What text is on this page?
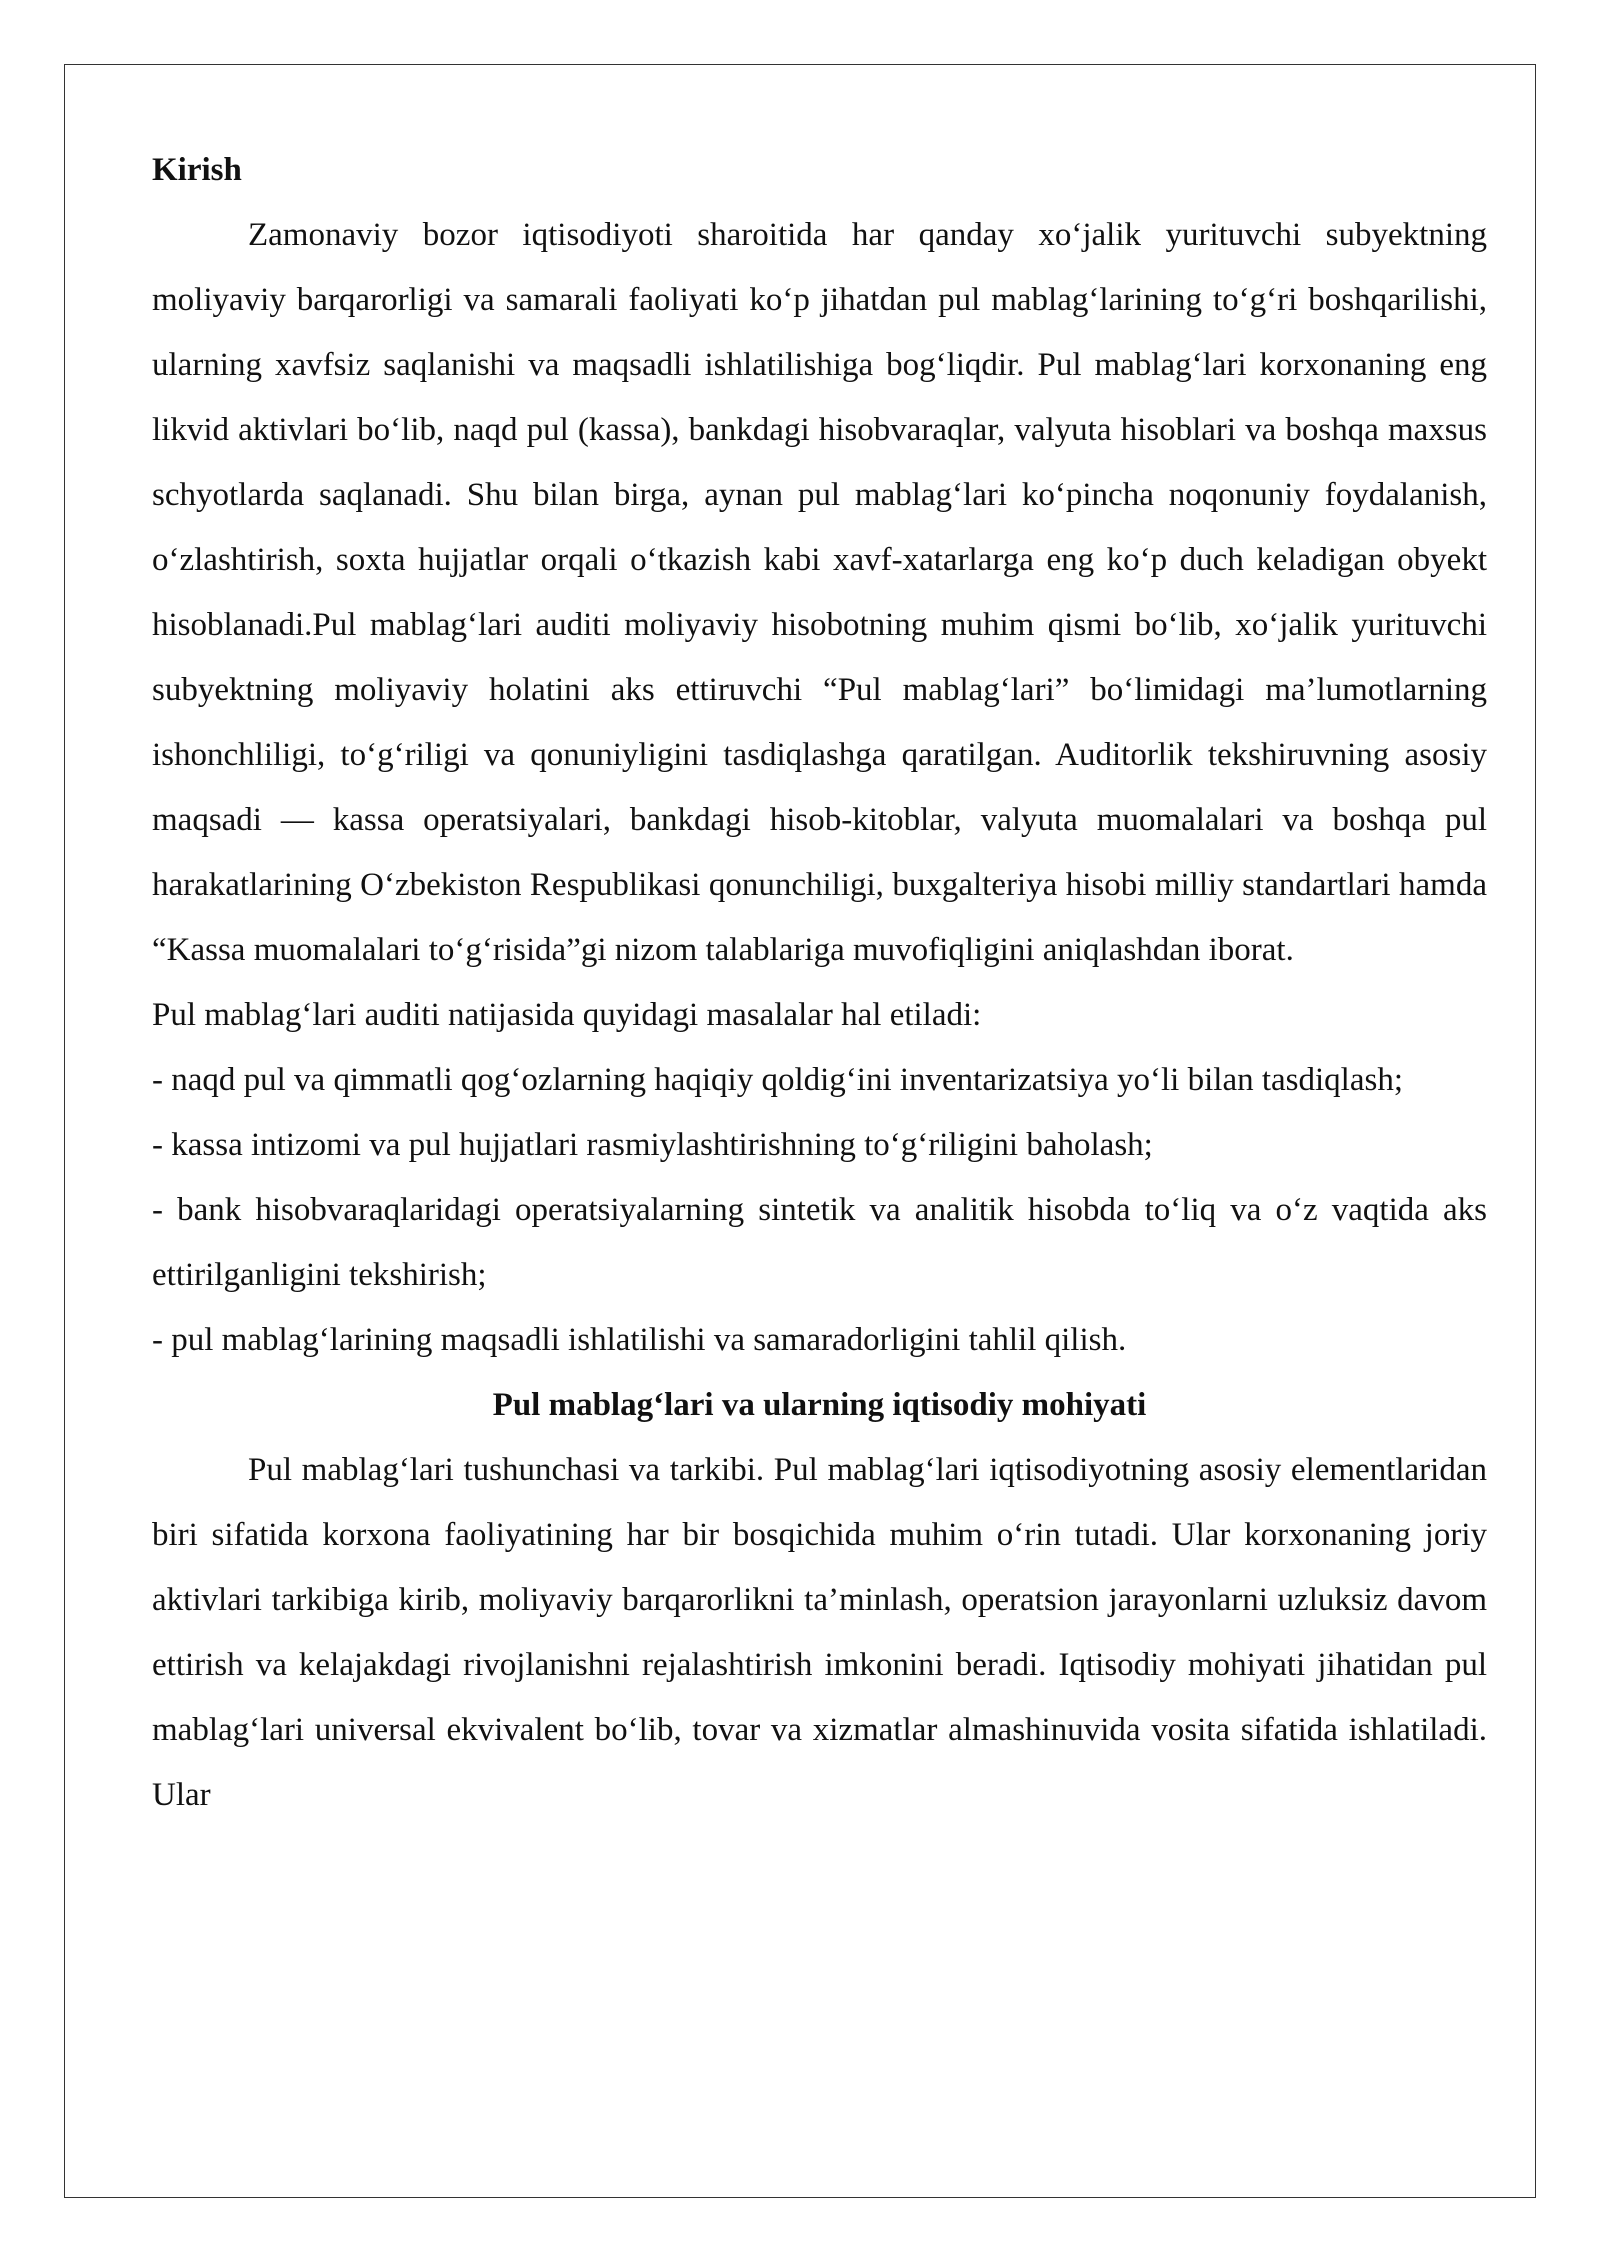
Kirish

Zamonaviy bozor iqtisodiyoti sharoitida har qanday xo‘jalik yurituvchi subyektning moliyaviy barqarorligi va samarali faoliyati ko‘p jihatdan pul mablag‘larining to‘g‘ri boshqarilishi, ularning xavfsiz saqlanishi va maqsadli ishlatilishiga bog‘liqdir. Pul mablag‘lari korxonaning eng likvid aktivlari bo‘lib, naqd pul (kassa), bankdagi hisobvaraqlar, valyuta hisoblari va boshqa maxsus schyotlarda saqlanadi. Shu bilan birga, aynan pul mablag‘lari ko‘pincha noqonuniy foydalanish, o‘zlashtirish, soxta hujjatlar orqali o‘tkazish kabi xavf-xatarlarga eng ko‘p duch keladigan obyekt hisoblanadi.Pul mablag‘lari auditi moliyaviy hisobotning muhim qismi bo‘lib, xo‘jalik yurituvchi subyektning moliyaviy holatini aks ettiruvchi “Pul mablag‘lari” bo‘limidagi ma’lumotlarning ishonchliligi, to‘g‘riligi va qonuniyligini tasdiqlashga qaratilgan. Auditorlik tekshiruvning asosiy maqsadi — kassa operatsiyalari, bankdagi hisob-kitoblar, valyuta muomalalari va boshqa pul harakatlarining O‘zbekiston Respublikasi qonunchiligi, buxgalteriya hisobi milliy standartlari hamda “Kassa muomalalari to‘g‘risida”gi nizom talablariga muvofiqligini aniqlashdan iborat.

Pul mablag‘lari auditi natijasida quyidagi masalalar hal etiladi:

- naqd pul va qimmatli qog‘ozlarning haqiqiy qoldig‘ini inventarizatsiya yo‘li bilan tasdiqlash;

- kassa intizomi va pul hujjatlari rasmiylashtirishning to‘g‘riligini baholash;

- bank hisobvaraqlaridagi operatsiyalarning sintetik va analitik hisobda to‘liq va o‘z vaqtida aks ettirilganligini tekshirish;

- pul mablag‘larining maqsadli ishlatilishi va samaradorligini tahlil qilish.

Pul mablag‘lari va ularning iqtisodiy mohiyati

Pul mablag‘lari tushunchasi va tarkibi. Pul mablag‘lari iqtisodiyotning asosiy elementlaridan biri sifatida korxona faoliyatining har bir bosqichida muhim o‘rin tutadi. Ular korxonaning joriy aktivlari tarkibiga kirib, moliyaviy barqarorlikni ta’minlash, operatsion jarayonlarni uzluksiz davom ettirish va kelajakdagi rivojlanishni rejalashtirish imkonini beradi. Iqtisodiy mohiyati jihatidan pul mablag‘lari universal ekvivalent bo‘lib, tovar va xizmatlar almashinuvida vosita sifatida ishlatiladi. Ular
